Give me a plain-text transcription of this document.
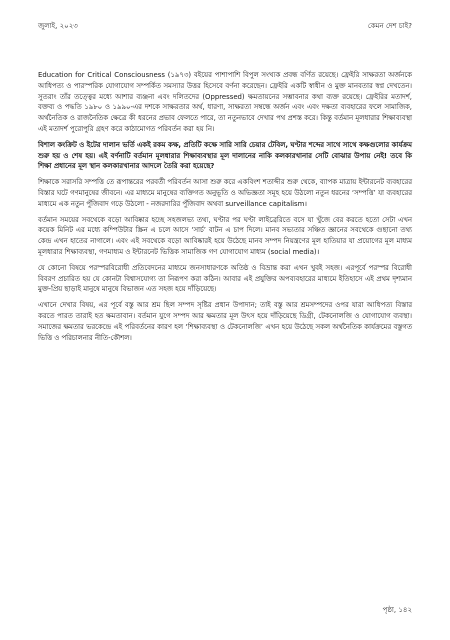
জুলাই, ২০২৩	কেমন দেশ চাই?

Education for Critical Consciousness (১৯৭৩) বইয়ের পাশাপাশি বিপুল সংখ্যক প্রবন্ধ বর্ণিত রয়েছে। ফ্রেইরি সাক্ষরতা অর্জনকে আধিপত্য ও পারস্পরিক যোগাযোগ সম্পর্কিত সমস্যার উত্তর হিসেবে বর্ণনা করেছেন। ফ্রেইরি একটি স্বাধীন ও মুক্ত মানবতার স্বপ্ন দেখতেন। সুতরাং তাঁর তত্ত্বের মধ্যে আশার ব্যঞ্জনা এবং দলিতদের (Oppressed) ক্ষমতায়নের সম্ভাবনার কথা ব্যক্ত রয়েছে। ফ্রেইরির মতাদর্শ, বক্তব্য ও পদ্ধতি ১৯৮০ ও ১৯৯০-এর দশকে সাক্ষরতার অর্থ, ধারণা, সাক্ষরতা সম্বন্ধে অর্জন এবং এবং দক্ষতা ব্যবহারের ফলে সামাজিক, অর্থনৈতিক ও রাজনৈতিক ক্ষেত্রে কী ধরনের প্রভাব ফেলতে পারে, তা নতুনভাবে দেখার পথ প্রশস্ত করে। কিন্তু বর্তমান মূলধারার শিক্ষাব্যবস্থা এই মতাদর্শ পুরোপুরি গ্রহণ করে কাঠামোগত পরিবর্তন করা হয় নি।

বিশাল কংক্রিট ও ইটের দালান ভর্তি একই রকম কক্ষ, প্রতিটি কক্ষে সারি সারি চেয়ার টেবিল, ঘণ্টার শব্দের সাথে সাথে কক্ষগুলোর কার্যক্রম শুরু হয় ও শেষ হয়। এই বর্ণনাটি বর্তমান মূলধারার শিক্ষাব্যবস্থার মূল দালানের নাকি কলকারখানার সেটি বোঝার উপায় নেই! তবে কি শিক্ষা প্রধানের মূল স্থান কলকারখানার আদলে তৈরি করা হয়েছে?

শিক্ষাকে সরাসরি সম্পত্তি তে রূপান্তরের পরবর্তী পরিবর্তন আসা শুরু করে একবিংশ শতাব্দীর শুরু থেকে, ব্যাপক মাত্রায় ইন্টারনেট ব্যবহারের বিস্তার ঘটে গণমানুষের জীবনে। এর মাধ্যমে মানুষের ব্যক্তিগত অনুভূতি ও অভিজ্ঞতা সমূহ হয়ে উঠলো নতুন ধরনের ‘সম্পত্তি’ যা ব্যবহারের মাধ্যমে এক নতুন পুঁজিবাদ গড়ে উঠলো - নজরদারির পুঁজিবাদ অথবা surveillance capitalism।

বর্তমান সময়ের সবথেকে বড়ো আবিষ্কার হচ্ছে সহজলভ্য তথ্য, ঘণ্টার পর ঘণ্টা লাইব্রেরিতে বসে যা খুঁজে বের করতে হতো সেটা এখন কয়েক মিনিট এর মধ্যে কম্পিউটার স্ক্রিন এ চলে আসে ‘সার্চ’ বাটন এ চাপ দিলে। মানব সভ্যতার সঞ্চিত জ্ঞানের সবথেকে গুছানো তথ্য কেন্দ্র এখন হাতের নাগালে। এবং এই সবথেকে বড়ো আবিষ্কারই হয়ে উঠেছে মানব সম্পদ নিয়ন্ত্রণের মূল হাতিয়ার যা প্রয়োগের মূল মাধ্যম মূলধারার শিক্ষাব্যবস্থা, গণমাধ্যম ও ইন্টারনেট ভিত্তিক সামাজিক গণ যোগাযোগ মাধ্যম (social media)।

যে কোনো বিষয়ে পরস্পরবিরোধী প্রতিবেদনের মাধ্যমে জনসাধারণকে অতিষ্ঠ ও বিভ্রান্ত করা এখন খুবই সহজ। এরপূর্বে পরস্পর বিরোধী বিবরণ প্রচারিত হয় যে কোনটা বিশ্বাসযোগ্য তা নিরূপণ করা কঠিন। আবার এই প্রযুক্তির অপব্যবহারের মাধ্যমে ইতিহাসে এই প্রথম দৃশ্যমান মুক্ত-প্রিয় ছাড়াই মানুষে মানুষে বিভাজন এত সহজ হয়ে দাঁড়িয়েছে।

এখানে দেখার বিষয়, এর পূর্বে বস্তু আর শ্রম ছিল সম্পদ সৃষ্টির প্রধান উপাদান; তাই বস্তু আর শ্রমসম্পদের ওপর যারা আধিপত্য বিস্তার করতে পারত তারাই হত ক্ষমতাবান। বর্তমান যুগে সম্পদ আর ক্ষমতার মূল উৎস হয়ে দাঁড়িয়েছে ডিগ্রী, টেকনোলজি ও যোগাযোগ ব্যবস্থা। সমাজের ক্ষমতার ভরকেন্দ্রে এই পরিবর্তনের কারণ হল ‘শিক্ষাব্যবস্থা ও টেকনোলজি’ এখন হয়ে উঠেছে সকল অর্থনৈতিক কার্যক্রমের বস্তুগত ভিত্তি ও পরিচালনার নীতি-কৌশল।

পৃষ্ঠা, ১৪২
